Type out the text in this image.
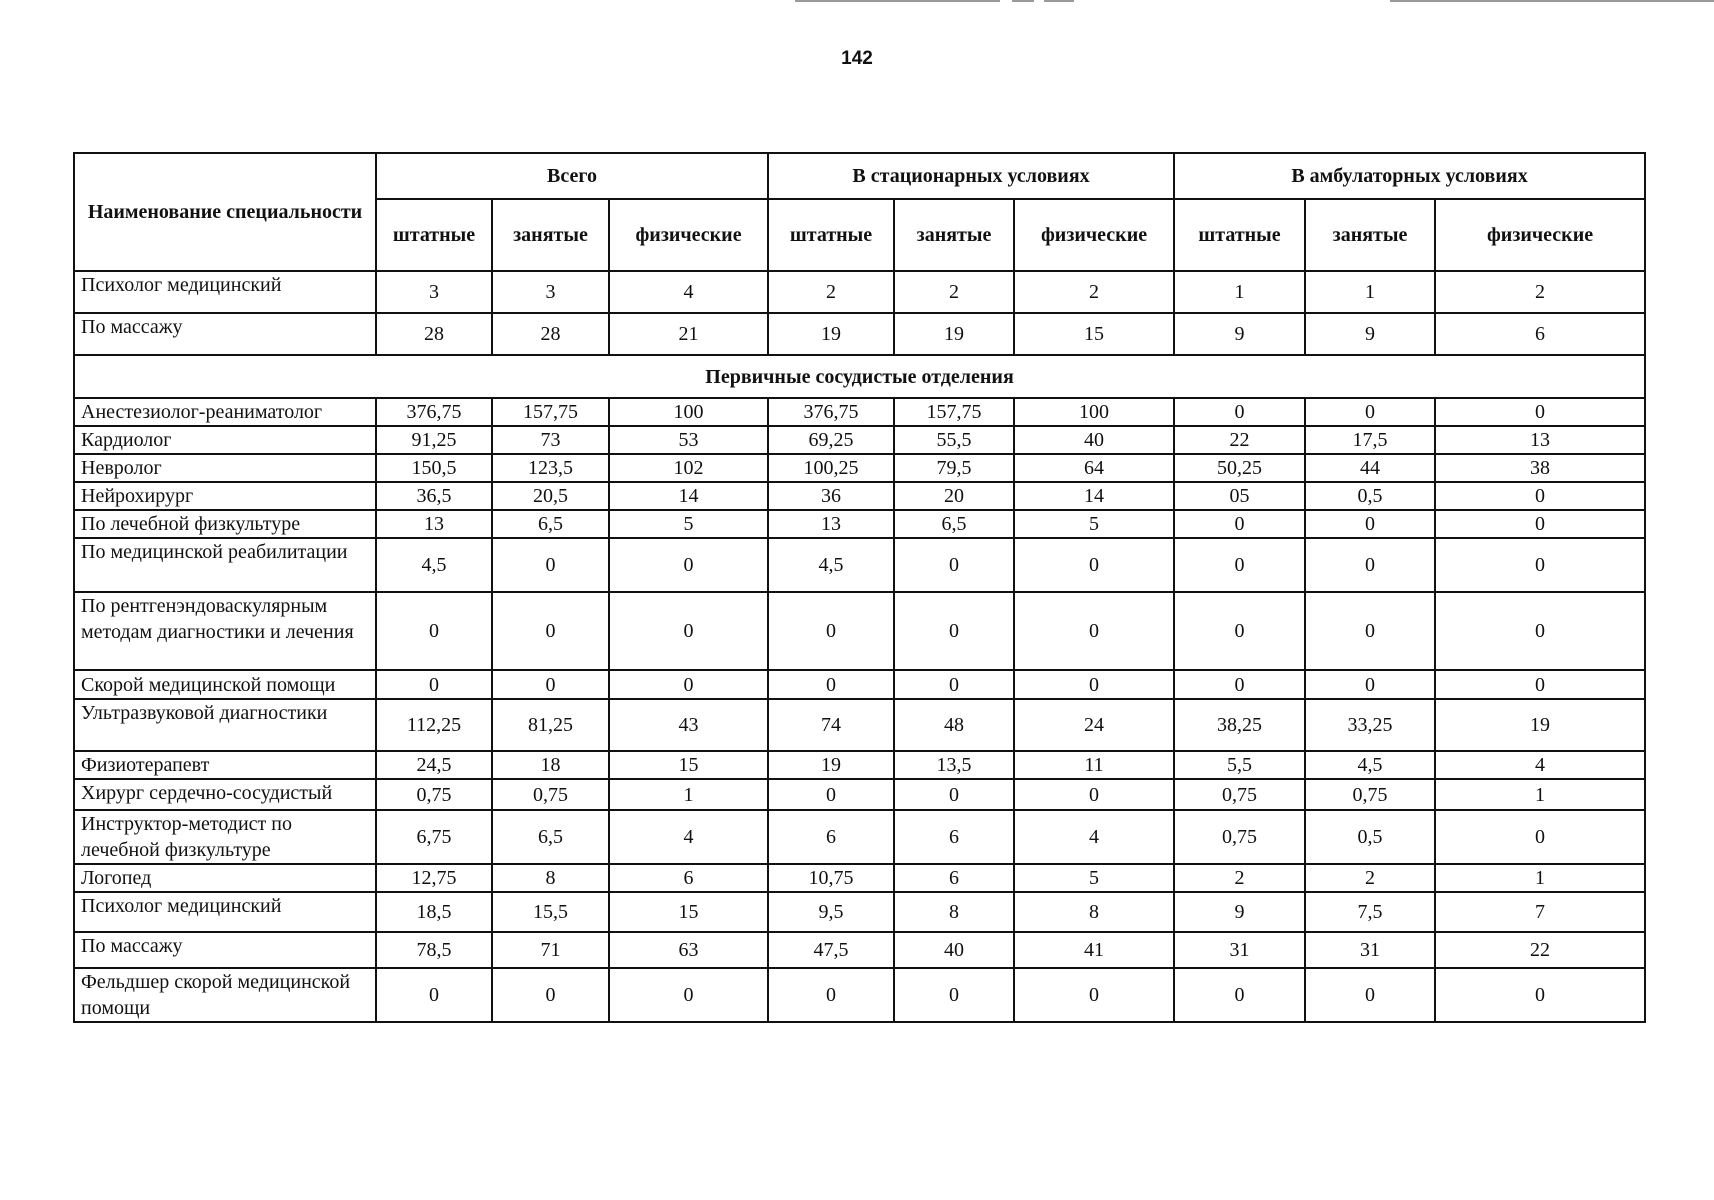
142
Наименование специальности	Всего			В стационарных условиях			В амбулаторных условиях		
	штатные	занятые	физические	штатные	занятые	физические	штатные	занятые	физические
Психолог медицинский	3	3	4	2	2	2	1	1	2
По массажу	28	28	21	19	19	15	9	9	6
Первичные сосудистые отделения									
Анестезиолог-реаниматолог	376,75	157,75	100	376,75	157,75	100	0	0	0
Кардиолог	91,25	73	53	69,25	55,5	40	22	17,5	13
Невролог	150,5	123,5	102	100,25	79,5	64	50,25	44	38
Нейрохирург	36,5	20,5	14	36	20	14	05	0,5	0
По лечебной физкультуре	13	6,5	5	13	6,5	5	0	0	0
По медицинской реабилитации	4,5	0	0	4,5	0	0	0	0	0
По рентгенэндоваскулярным методам диагностики и лечения	0	0	0	0	0	0	0	0	0
Скорой медицинской помощи	0	0	0	0	0	0	0	0	0
Ультразвуковой диагностики	112,25	81,25	43	74	48	24	38,25	33,25	19
Физиотерапевт	24,5	18	15	19	13,5	11	5,5	4,5	4
Хирург сердечно-сосудистый	0,75	0,75	1	0	0	0	0,75	0,75	1
Инструктор-методист по лечебной физкультуре	6,75	6,5	4	6	6	4	0,75	0,5	0
Логопед	12,75	8	6	10,75	6	5	2	2	1
Психолог медицинский	18,5	15,5	15	9,5	8	8	9	7,5	7
По массажу	78,5	71	63	47,5	40	41	31	31	22
Фельдшер скорой медицинской помощи	0	0	0	0	0	0	0	0	0
